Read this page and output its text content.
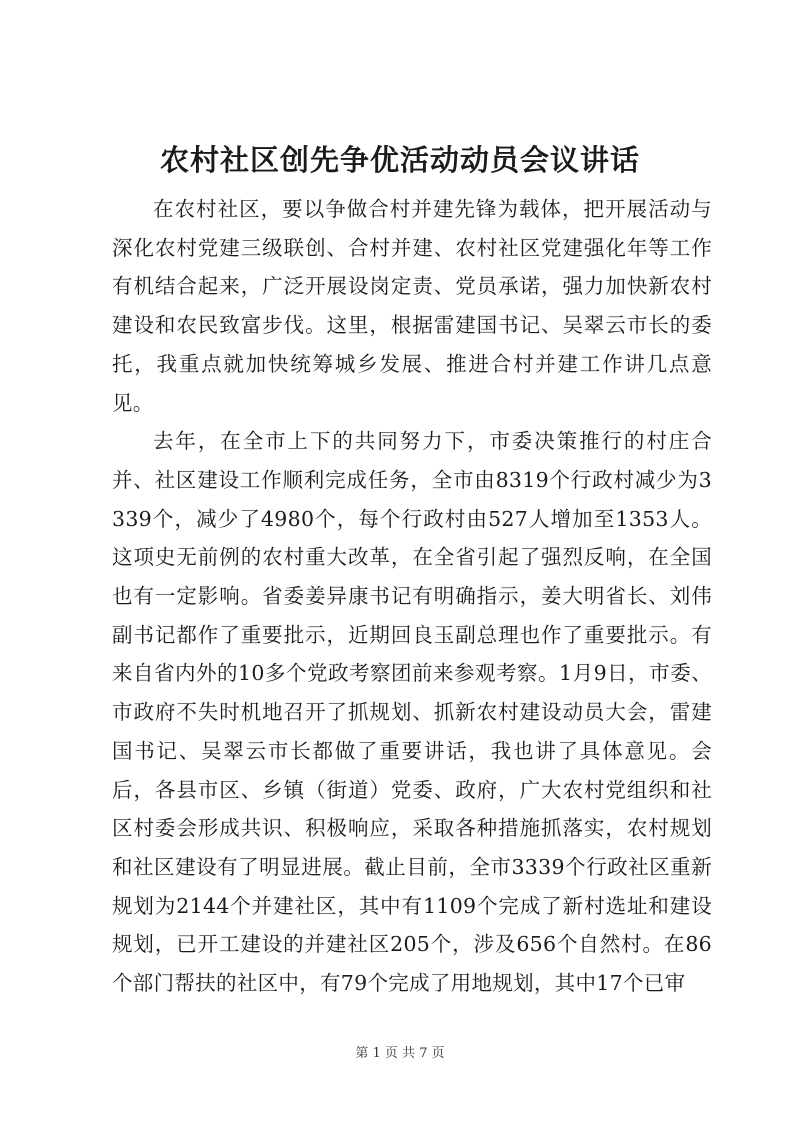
农村社区创先争优活动动员会议讲话

在农村社区，要以争做合村并建先锋为载体，把开展活动与深化农村党建三级联创、合村并建、农村社区党建强化年等工作有机结合起来，广泛开展设岗定责、党员承诺，强力加快新农村建设和农民致富步伐。这里，根据雷建国书记、吴翠云市长的委托，我重点就加快统筹城乡发展、推进合村并建工作讲几点意见。

去年，在全市上下的共同努力下，市委决策推行的村庄合并、社区建设工作顺利完成任务，全市由8319个行政村减少为3339个，减少了4980个，每个行政村由527人增加至1353人。这项史无前例的农村重大改革，在全省引起了强烈反响，在全国也有一定影响。省委姜异康书记有明确指示，姜大明省长、刘伟副书记都作了重要批示，近期回良玉副总理也作了重要批示。有来自省内外的10多个党政考察团前来参观考察。1月9日，市委、市政府不失时机地召开了抓规划、抓新农村建设动员大会，雷建国书记、吴翠云市长都做了重要讲话，我也讲了具体意见。会后，各县市区、乡镇（街道）党委、政府，广大农村党组织和社区村委会形成共识、积极响应，采取各种措施抓落实，农村规划和社区建设有了明显进展。截止目前，全市3339个行政社区重新规划为2144个并建社区，其中有1109个完成了新村选址和建设规划，已开工建设的并建社区205个，涉及656个自然村。在86个部门帮扶的社区中，有79个完成了用地规划，其中17个已审

第 1 页 共 7 页
